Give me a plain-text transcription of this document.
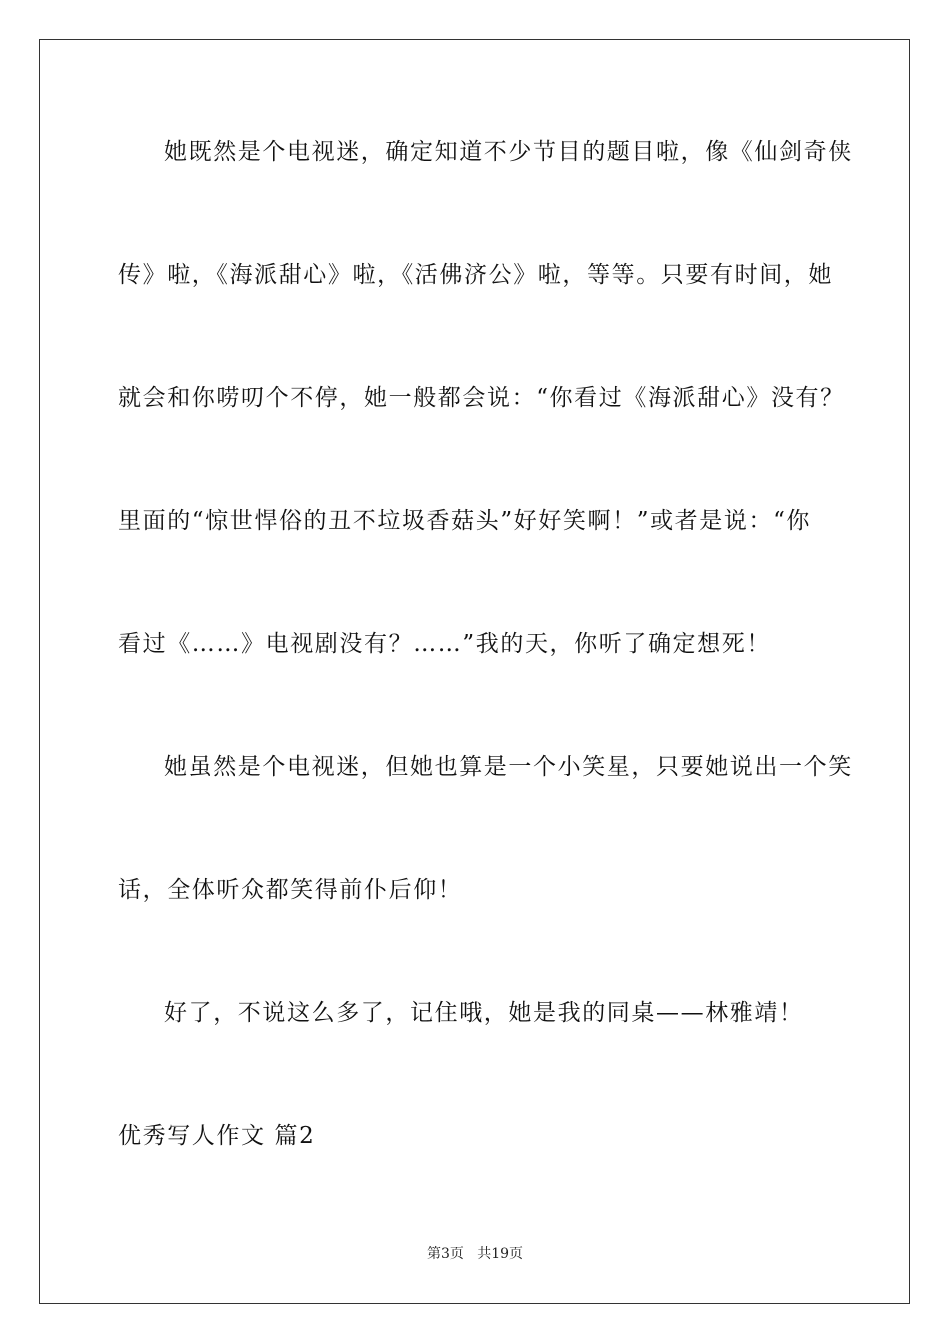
她既然是个电视迷，确定知道不少节目的题目啦，像《仙剑奇侠
传》啦，《海派甜心》啦，《活佛济公》啦，等等。只要有时间，她
就会和你唠叨个不停，她一般都会说：“你看过《海派甜心》没有？
里面的“惊世悍俗的丑不垃圾香菇头”好好笑啊！”或者是说：“你
看过《……》电视剧没有？……”我的天，你听了确定想死！
她虽然是个电视迷，但她也算是一个小笑星，只要她说出一个笑
话，全体听众都笑得前仆后仰！
好了，不说这么多了，记住哦，她是我的同桌——林雅靖！
优秀写人作文 篇2
第3页   共19页
